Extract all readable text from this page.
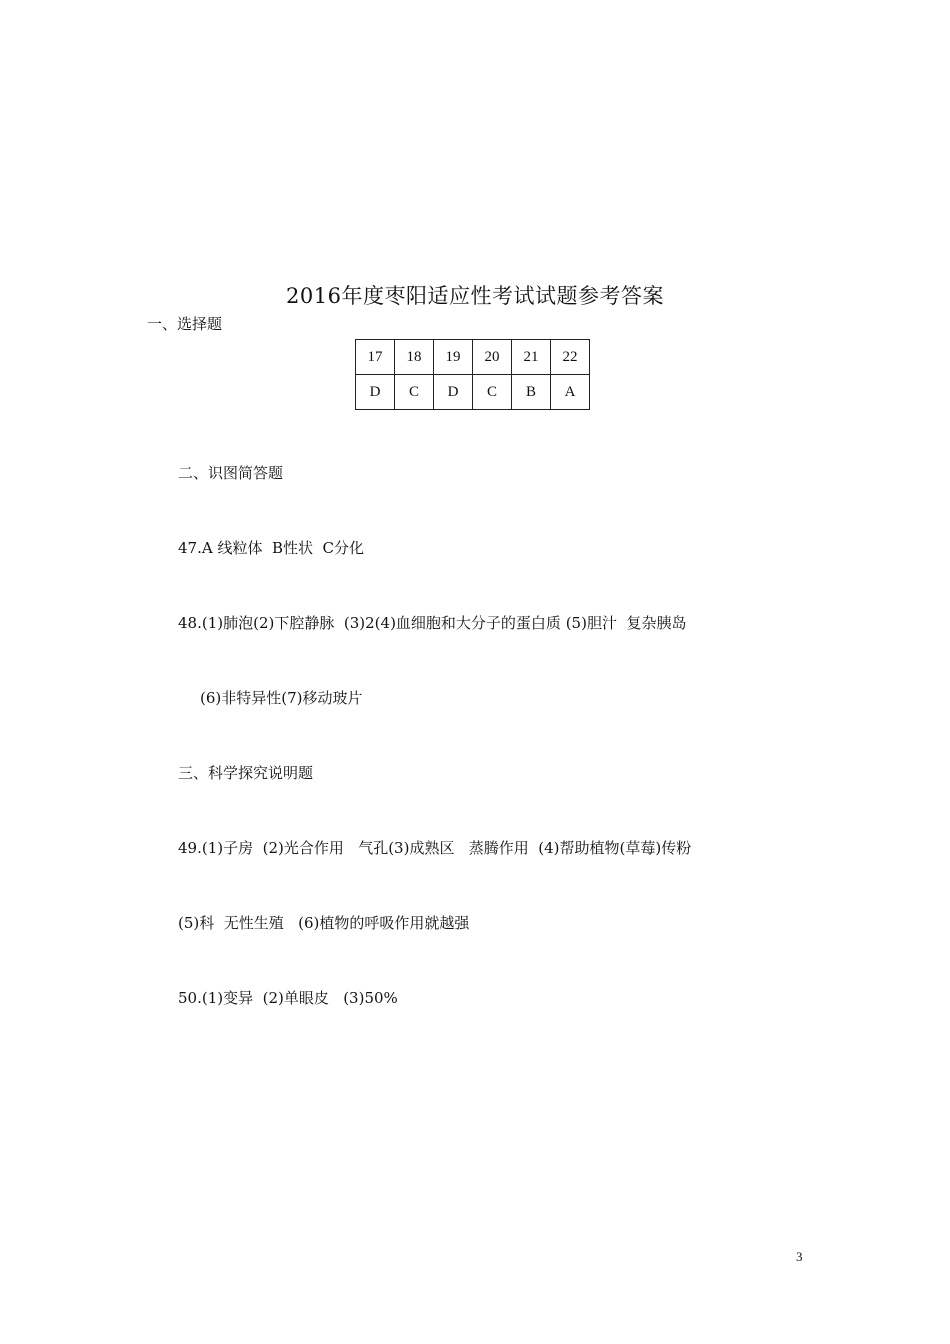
2016年度枣阳适应性考试试题参考答案
一、选择题
17	18	19	20	21	22
D	C	D	C	B	A

二、识图简答题

47.A 线粒体  B性状  C分化

48.(1)肺泡(2)下腔静脉  (3)2(4)血细胞和大分子的蛋白质 (5)胆汁  复杂胰岛

(6)非特异性(7)移动玻片

三、科学探究说明题

49.(1)子房  (2)光合作用   气孔(3)成熟区   蒸腾作用  (4)帮助植物(草莓)传粉

(5)科  无性生殖   (6)植物的呼吸作用就越强

50.(1)变异  (2)单眼皮   (3)50%

3
